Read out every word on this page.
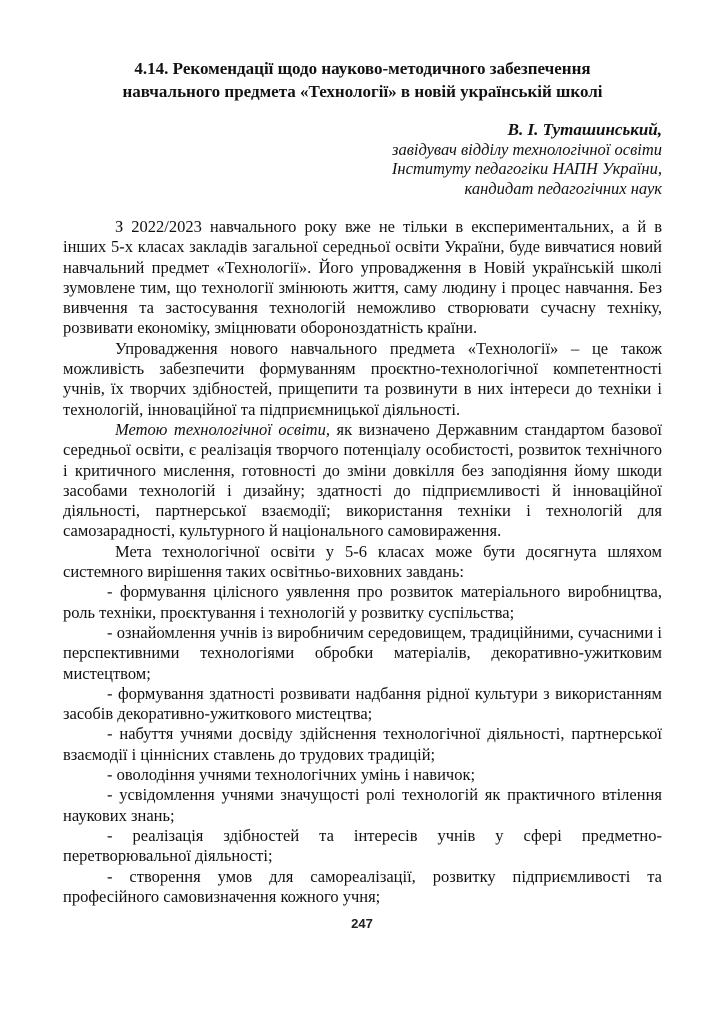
4.14. Рекомендації щодо науково-методичного забезпечення
навчального предмета «Технології» в новій українській школі
В. І. Туташинський,
завідувач відділу технологічної освіти
Інституту педагогіки НАПН України,
кандидат педагогічних наук

З 2022/2023 навчального року вже не тільки в експериментальних, а й в інших 5-х класах закладів загальної середньої освіти України, буде вивчатися новий навчальний предмет «Технології». Його упровадження в Новій українській школі зумовлене тим, що технології змінюють життя, саму людину і процес навчання. Без вивчення та застосування технологій неможливо створювати сучасну техніку, розвивати економіку, зміцнювати обороноздатність країни.

Упровадження нового навчального предмета «Технології» – це також можливість забезпечити формуванням проєктно-технологічної компетентності учнів, їх творчих здібностей, прищепити та розвинути в них інтереси до техніки і технологій, інноваційної та підприємницької діяльності.

Метою технологічної освіти, як визначено Державним стандартом базової середньої освіти, є реалізація творчого потенціалу особистості, розвиток технічного і критичного мислення, готовності до зміни довкілля без заподіяння йому шкоди засобами технологій і дизайну; здатності до підприємливості й інноваційної діяльності, партнерської взаємодії; використання техніки і технологій для самозарадності, культурного й національного самовираження.

Мета технологічної освіти у 5-6 класах може бути досягнута шляхом системного вирішення таких освітньо-виховних завдань:

- формування цілісного уявлення про розвиток матеріального виробництва, роль техніки, проєктування і технологій у розвитку суспільства;

- ознайомлення учнів із виробничим середовищем, традиційними, сучасними і перспективними технологіями обробки матеріалів, декоративно-ужитковим мистецтвом;

- формування здатності розвивати надбання рідної культури з використанням засобів декоративно-ужиткового мистецтва;

- набуття учнями досвіду здійснення технологічної діяльності, партнерської взаємодії і ціннісних ставлень до трудових традицій;

- оволодіння учнями технологічних умінь і навичок;

- усвідомлення учнями значущості ролі технологій як практичного втілення наукових знань;

- реалізація здібностей та інтересів учнів у сфері предметно-перетворювальної діяльності;

- створення умов для самореалізації, розвитку підприємливості та професійного самовизначення кожного учня;

247
